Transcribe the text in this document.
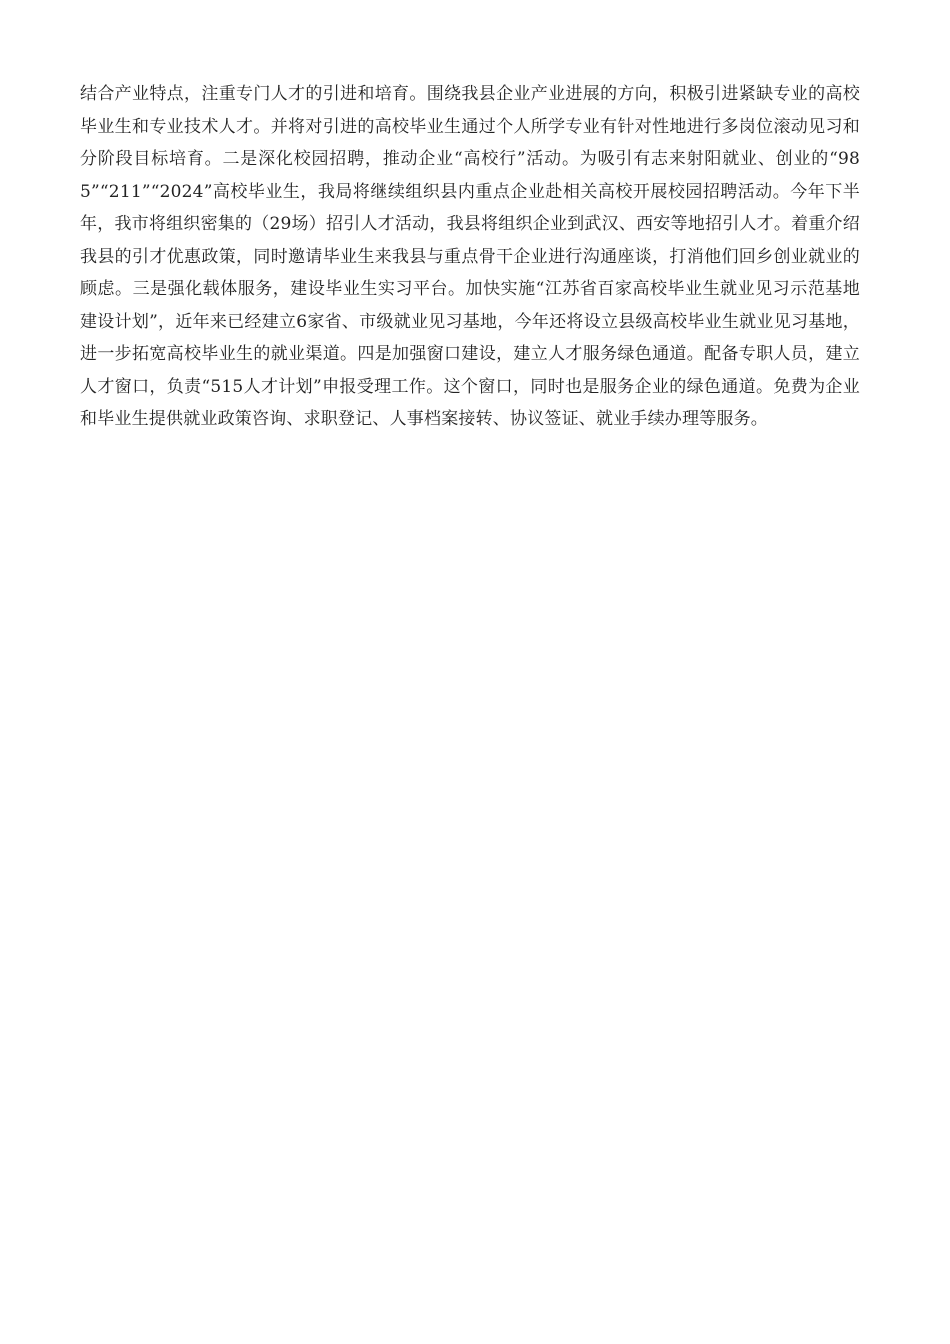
结合产业特点，注重专门人才的引进和培育。围绕我县企业产业进展的方向，积极引进紧缺专业的高校毕业生和专业技术人才。并将对引进的高校毕业生通过个人所学专业有针对性地进行多岗位滚动见习和分阶段目标培育。二是深化校园招聘，推动企业“高校行”活动。为吸引有志来射阳就业、创业的“985”“211”“2024”高校毕业生，我局将继续组织县内重点企业赴相关高校开展校园招聘活动。今年下半年，我市将组织密集的（29场）招引人才活动，我县将组织企业到武汉、西安等地招引人才。着重介绍我县的引才优惠政策，同时邀请毕业生来我县与重点骨干企业进行沟通座谈，打消他们回乡创业就业的顾虑。三是强化载体服务，建设毕业生实习平台。加快实施“江苏省百家高校毕业生就业见习示范基地建设计划”，近年来已经建立6家省、市级就业见习基地，今年还将设立县级高校毕业生就业见习基地，进一步拓宽高校毕业生的就业渠道。四是加强窗口建设，建立人才服务绿色通道。配备专职人员，建立人才窗口，负责“515人才计划”申报受理工作。这个窗口，同时也是服务企业的绿色通道。免费为企业和毕业生提供就业政策咨询、求职登记、人事档案接转、协议签证、就业手续办理等服务。
